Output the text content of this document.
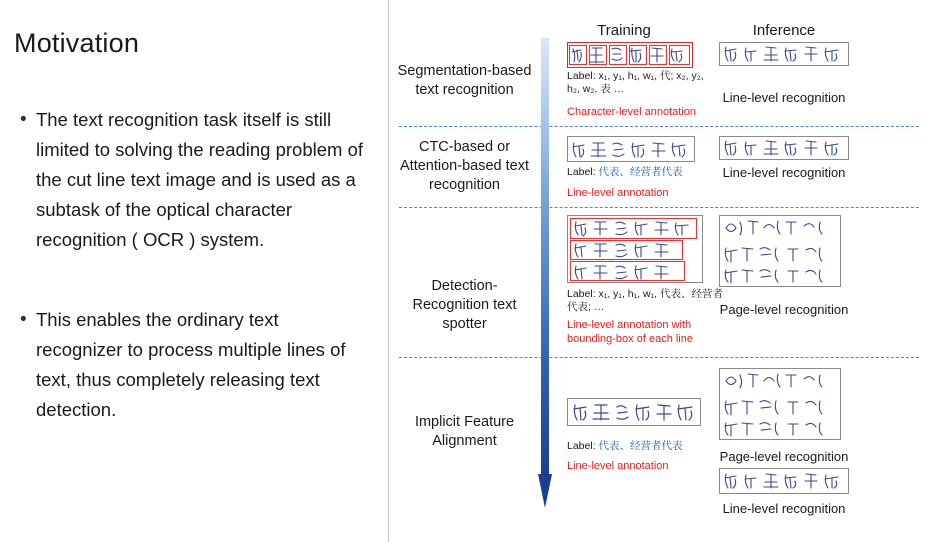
Motivation
• The text recognition task itself is still limited to solving the reading problem of the cut line text image and is used as a subtask of the optical character recognition ( OCR ) system.
• This enables the ordinary text recognizer to process multiple lines of text, thus completely releasing text detection.
Training	Inference
Segmentation-based
text recognition
Label: x₁, y₁, h₁, w₁, 代; x₂, y₂, h₂, w₂, 表 …
Character-level annotation
Line-level recognition
CTC-based or
Attention-based text
recognition
Label: 代表、经营者代表
Line-level annotation
Line-level recognition
Detection-
Recognition text
spotter
Label: x₁, y₁, h₁, w₁, 代表、经营者代表; …
Line-level annotation with
bounding-box of each line
Page-level recognition
Implicit Feature
Alignment	Label: 代表、经营者代表
Line-level annotation
Page-level recognition
Line-level recognition
